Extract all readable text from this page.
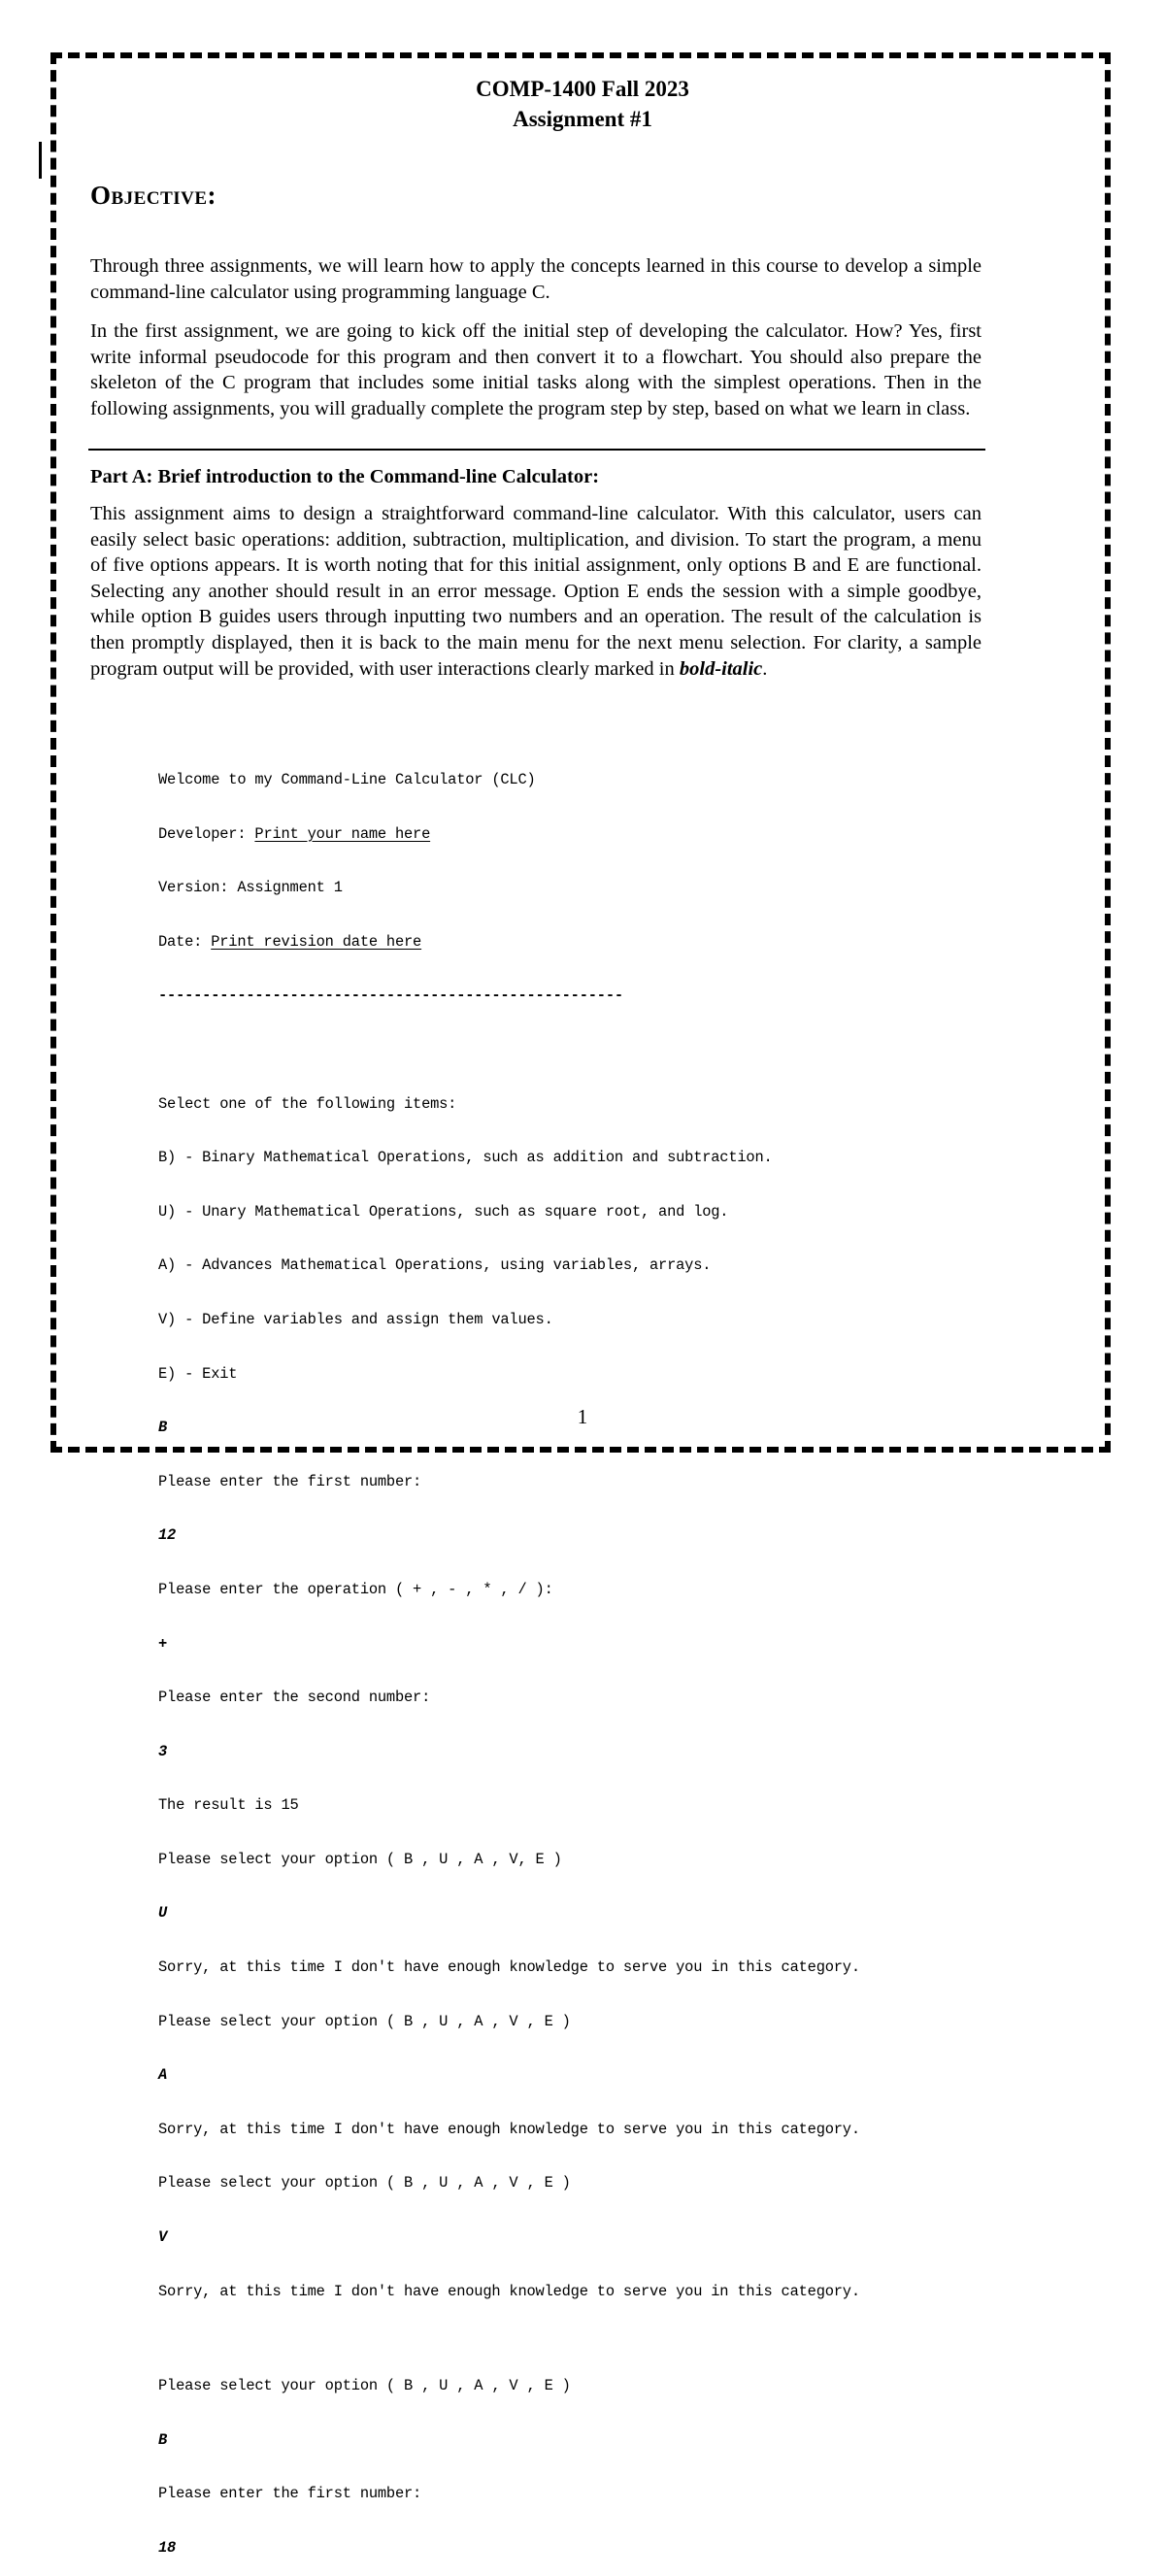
COMP-1400 Fall 2023
Assignment #1
Objective:

Through three assignments, we will learn how to apply the concepts learned in this course to develop a simple command-line calculator using programming language C.

In the first assignment, we are going to kick off the initial step of developing the calculator. How? Yes, first write informal pseudocode for this program and then convert it to a flowchart. You should also prepare the skeleton of the C program that includes some initial tasks along with the simplest operations. Then in the following assignments, you will gradually complete the program step by step, based on what we learn in class.

Part A: Brief introduction to the Command-line Calculator:

This assignment aims to design a straightforward command-line calculator. With this calculator, users can easily select basic operations: addition, subtraction, multiplication, and division. To start the program, a menu of five options appears. It is worth noting that for this initial assignment, only options B and E are functional. Selecting any another should result in an error message. Option E ends the session with a simple goodbye, while option B guides users through inputting two numbers and an operation. The result of the calculation is then promptly displayed, then it is back to the main menu for the next menu selection. For clarity, a sample program output will be provided, with user interactions clearly marked in bold-italic.

Welcome to my Command-Line Calculator (CLC)

Developer: Print your name here

Version: Assignment 1

Date: Print revision date here

-----------------------------------------------------

Select one of the following items:

B) - Binary Mathematical Operations, such as addition and subtraction.

U) - Unary Mathematical Operations, such as square root, and log.

A) - Advances Mathematical Operations, using variables, arrays.

V) - Define variables and assign them values.

E) - Exit

B

Please enter the first number:

12

Please enter the operation ( + , - , * , / ):

+

Please enter the second number:

3

The result is 15

Please select your option ( B , U , A , V, E )

U

Sorry, at this time I don't have enough knowledge to serve you in this category.

Please select your option ( B , U , A , V , E )

A

Sorry, at this time I don't have enough knowledge to serve you in this category.

Please select your option ( B , U , A , V , E )

V

Sorry, at this time I don't have enough knowledge to serve you in this category.

Please select your option ( B , U , A , V , E )

B

Please enter the first number:

18

1
